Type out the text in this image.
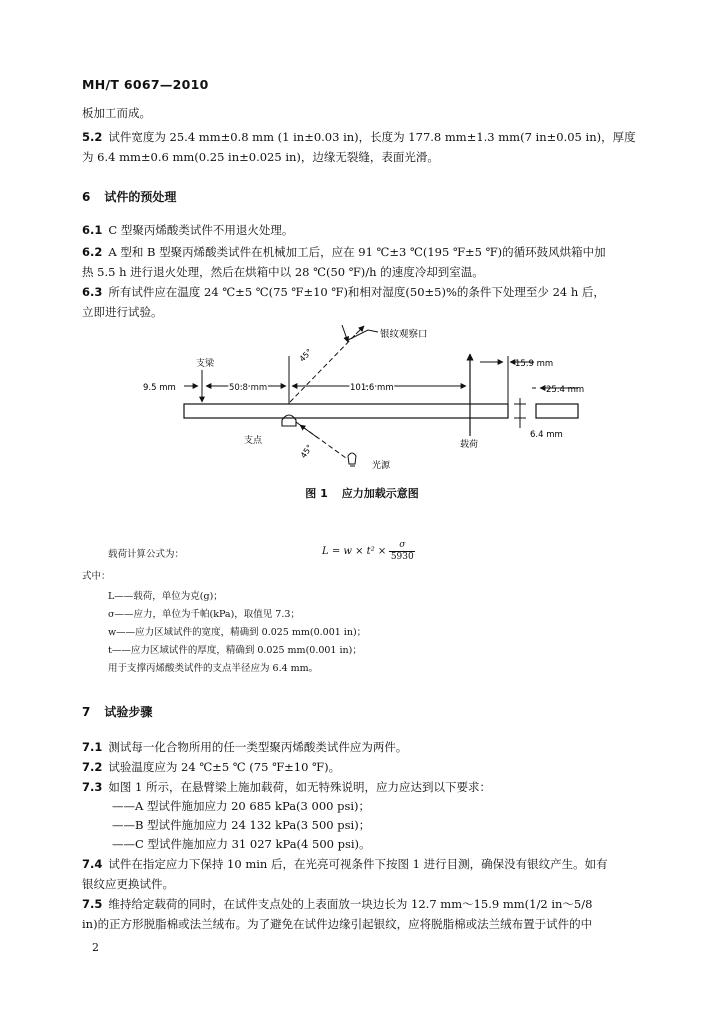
MH/T 6067—2010
板加工而成。
5.2 试件宽度为 25.4 mm±0.8 mm (1 in±0.03 in)，长度为 177.8 mm±1.3 mm(7 in±0.05 in)，厚度
为 6.4 mm±0.6 mm(0.25 in±0.025 in)，边缘无裂缝，表面光滑。
6 试件的预处理
6.1 C 型聚丙烯酸类试件不用退火处理。
6.2 A 型和 B 型聚丙烯酸类试件在机械加工后，应在 91 ℃±3 ℃(195 ℉±5 ℉)的循环鼓风烘箱中加
热 5.5 h 进行退火处理，然后在烘箱中以 28 ℃(50 ℉)/h 的速度冷却到室温。
6.3 所有试件应在温度 24 ℃±5 ℃(75 ℉±10 ℉)和相对湿度(50±5)%的条件下处理至少 24 h 后，
立即进行试验。
银纹观察口
支梁
9.5 mm	50.8 mm	101.6 mm
15.9 mm
25.4 mm
6.4 mm
45°
45°
支点	载荷
光源
图 1 应力加载示意图
载荷计算公式为：	L = w × t² ×
σ
5930
式中：
L——载荷，单位为克(g)；
σ——应力，单位为千帕(kPa)，取值见 7.3；
w——应力区域试件的宽度，精确到 0.025 mm(0.001 in)；
t——应力区域试件的厚度，精确到 0.025 mm(0.001 in)；
用于支撑丙烯酸类试件的支点半径应为 6.4 mm。
7 试验步骤
7.1 测试每一化合物所用的任一类型聚丙烯酸类试件应为两件。
7.2 试验温度应为 24 ℃±5 ℃ (75 ℉±10 ℉)。
7.3 如图 1 所示，在悬臂梁上施加载荷，如无特殊说明，应力应达到以下要求：
——A 型试件施加应力 20 685 kPa(3 000 psi)；
——B 型试件施加应力 24 132 kPa(3 500 psi)；
——C 型试件施加应力 31 027 kPa(4 500 psi)。
7.4 试件在指定应力下保持 10 min 后，在光亮可视条件下按图 1 进行目测，确保没有银纹产生。如有
银纹应更换试件。
7.5 维持给定载荷的同时，在试件支点处的上表面放一块边长为 12.7 mm～15.9 mm(1/2 in～5/8
in)的正方形脱脂棉或法兰绒布。为了避免在试件边缘引起银纹，应将脱脂棉或法兰绒布置于试件的中
2
